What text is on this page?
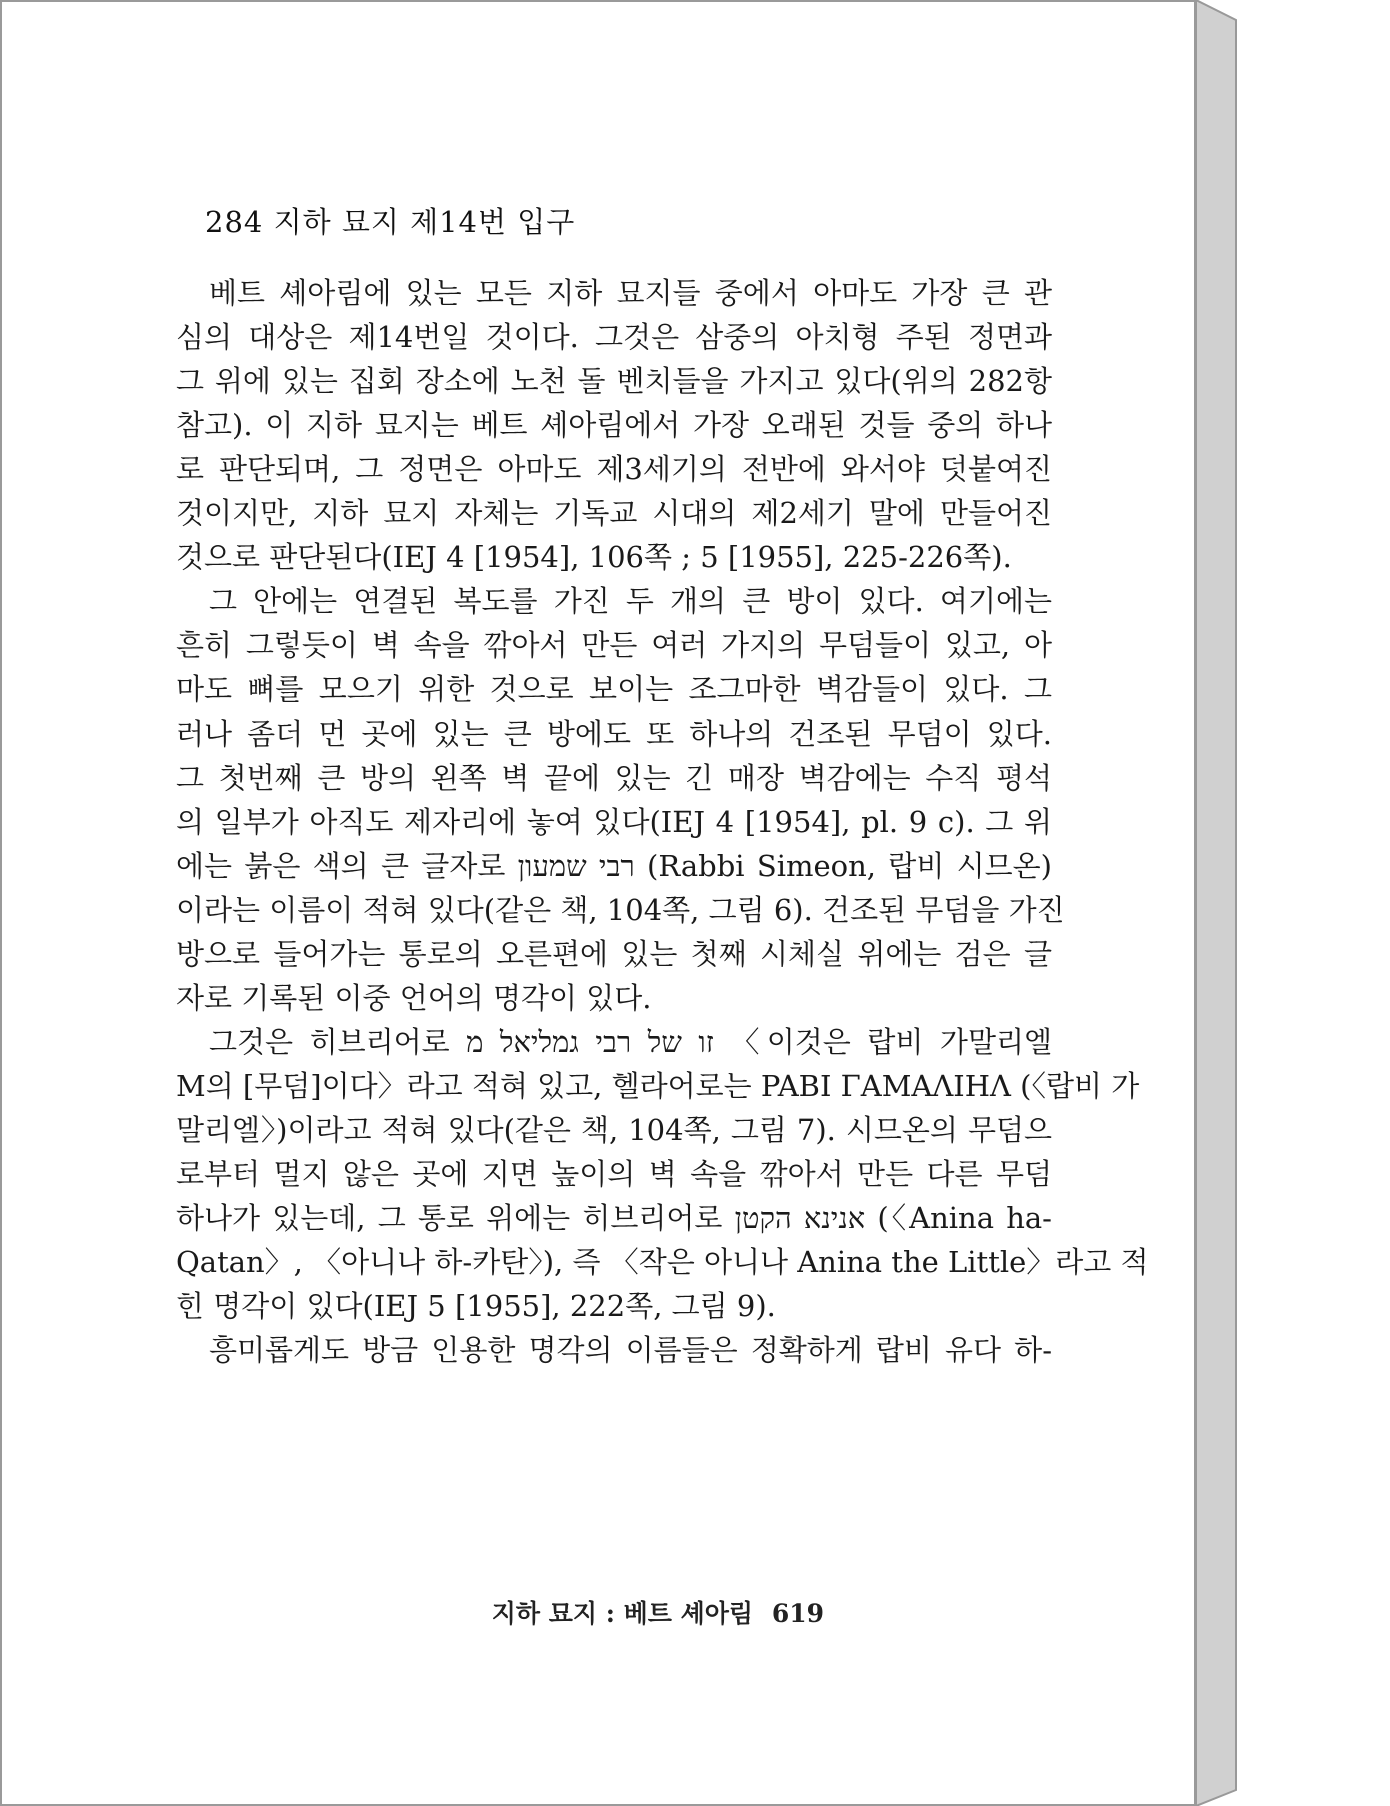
284 지하 묘지 제14번 입구
베트 셰아림에 있는 모든 지하 묘지들 중에서 아마도 가장 큰 관
심의 대상은 제14번일 것이다. 그것은 삼중의 아치형 주된 정면과
그 위에 있는 집회 장소에 노천 돌 벤치들을 가지고 있다(위의 282항
참고). 이 지하 묘지는 베트 셰아림에서 가장 오래된 것들 중의 하나
로 판단되며, 그 정면은 아마도 제3세기의 전반에 와서야 덧붙여진
것이지만, 지하 묘지 자체는 기독교 시대의 제2세기 말에 만들어진
것으로 판단된다(IEJ 4 [1954], 106쪽 ; 5 [1955], 225-226쪽).
그 안에는 연결된 복도를 가진 두 개의 큰 방이 있다. 여기에는
흔히 그렇듯이 벽 속을 깎아서 만든 여러 가지의 무덤들이 있고, 아
마도 뼈를 모으기 위한 것으로 보이는 조그마한 벽감들이 있다. 그
러나 좀더 먼 곳에 있는 큰 방에도 또 하나의 건조된 무덤이 있다.
그 첫번째 큰 방의 왼쪽 벽 끝에 있는 긴 매장 벽감에는 수직 평석
의 일부가 아직도 제자리에 놓여 있다(IEJ 4 [1954], pl. 9 c). 그 위
에는 붉은 색의 큰 글자로 רבי שמעון (Rabbi Simeon, 랍비 시므온)
이라는 이름이 적혀 있다(같은 책, 104쪽, 그림 6). 건조된 무덤을 가진
방으로 들어가는 통로의 오른편에 있는 첫째 시체실 위에는 검은 글
자로 기록된 이중 언어의 명각이 있다.
그것은 히브리어로 זו של רבי גמליאל מ 〈이것은 랍비 가말리엘
M의 [무덤]이다〉라고 적혀 있고, 헬라어로는 PABI ΓΑΜΑΛΙΗΛ (〈랍비 가
말리엘〉)이라고 적혀 있다(같은 책, 104쪽, 그림 7). 시므온의 무덤으
로부터 멀지 않은 곳에 지면 높이의 벽 속을 깎아서 만든 다른 무덤
하나가 있는데, 그 통로 위에는 히브리어로 אנינא הקטן (〈Anina ha-
Qatan〉, 〈아니나 하-카탄〉), 즉 〈작은 아니나 Anina the Little〉라고 적
힌 명각이 있다(IEJ 5 [1955], 222쪽, 그림 9).
흥미롭게도 방금 인용한 명각의 이름들은 정확하게 랍비 유다 하-
지하 묘지 : 베트 셰아림 619
